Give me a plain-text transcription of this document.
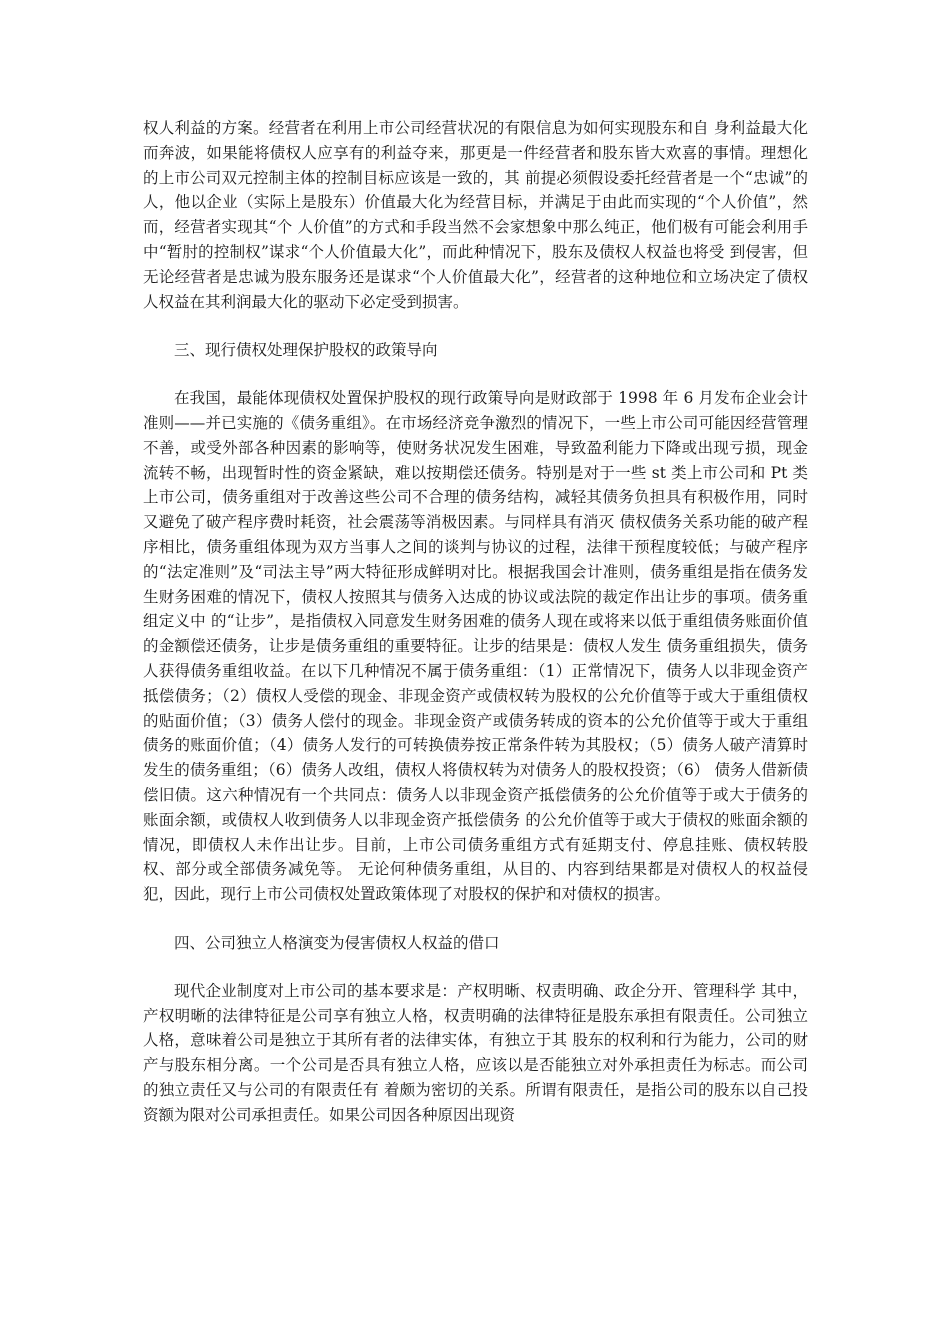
权人利益的方案。经营者在利用上市公司经营状况的有限信息为如何实现股东和自 身利益最大化而奔波，如果能将债权人应享有的利益夺来，那更是一件经营者和股东皆大欢喜的事情。理想化的上市公司双元控制主体的控制目标应该是一致的，其 前提必须假设委托经营者是一个“忠诚”的人，他以企业（实际上是股东）价值最大化为经营目标，并满足于由此而实现的“个人价值”，然而，经营者实现其“个 人价值”的方式和手段当然不会家想象中那么纯正，他们极有可能会利用手中“暂肘的控制权”谋求“个人价值最大化”，而此种情况下，股东及债权人权益也将受 到侵害，但无论经营者是忠诚为股东服务还是谋求“个人价值最大化”，经营者的这种地位和立场决定了债权人权益在其利润最大化的驱动下必定受到损害。

三、现行债权处理保护股权的政策导向

在我国，最能体现债权处置保护股权的现行政策导向是财政部于 1998 年 6 月发布企业会计准则——并已实施的《债务重组》。在市场经济竞争激烈的情况下，一些上市公司可能因经营管理不善，或受外部各种因素的影响等，使财务状况发生困难，导致盈利能力下降或出现亏损，现金流转不畅，出现暂时性的资金紧缺，难以按期偿还债务。特别是对于一些 st 类上市公司和 Pt 类 上市公司，债务重组对于改善这些公司不合理的债务结构，减轻其债务负担具有积极作用，同时又避免了破产程序费时耗资，社会震荡等消极因素。与同样具有消灭 债权债务关系功能的破产程序相比，债务重组体现为双方当事人之间的谈判与协议的过程，法律干预程度较低；与破产程序的“法定准则”及“司法主导”两大特征形成鲜明对比。根据我国会计准则，债务重组是指在债务发生财务困难的情况下，债权人按照其与债务入达成的协议或法院的裁定作出让步的事项。债务重组定义中 的“让步”，是指债权入同意发生财务困难的债务人现在或将来以低于重组债务账面价值的金额偿还债务，让步是债务重组的重要特征。让步的结果是：债权人发生 债务重组损失，债务人获得债务重组收益。在以下几种情况不属于债务重组：（1）正常情况下，债务人以非现金资产抵偿债务；（2）债权人受偿的现金、非现金资产或债权转为股权的公允价值等于或大于重组债权的贴面价值；（3）债务人偿付的现金。非现金资产或债务转成的资本的公允价值等于或大于重组债务的账面价值；（4）债务人发行的可转换债券按正常条件转为其股权；（5）债务人破产清算时发生的债务重组；（6）债务人改组，债权人将债权转为对债务人的股权投资；（6） 债务人借新债偿旧债。这六种情况有一个共同点：债务人以非现金资产抵偿债务的公允价值等于或大于债务的账面余额，或债权人收到债务人以非现金资产抵偿债务 的公允价值等于或大于债权的账面余额的情况，即债权人未作出让步。目前，上市公司债务重组方式有延期支付、停息挂账、债权转股权、部分或全部债务减免等。 无论何种债务重组，从目的、内容到结果都是对债权人的权益侵犯，因此，现行上市公司债权处置政策体现了对股权的保护和对债权的损害。

四、公司独立人格演变为侵害债权人权益的借口

现代企业制度对上市公司的基本要求是：产权明晰、权责明确、政企分开、管理科学 其中，产权明晰的法律特征是公司享有独立人格，权责明确的法律特征是股东承担有限责任。公司独立人格，意味着公司是独立于其所有者的法律实体，有独立于其 股东的权利和行为能力，公司的财产与股东相分离。一个公司是否具有独立人格，应该以是否能独立对外承担责任为标志。而公司的独立责任又与公司的有限责任有 着颇为密切的关系。所谓有限责任，是指公司的股东以自己投资额为限对公司承担责任。如果公司因各种原因出现资
